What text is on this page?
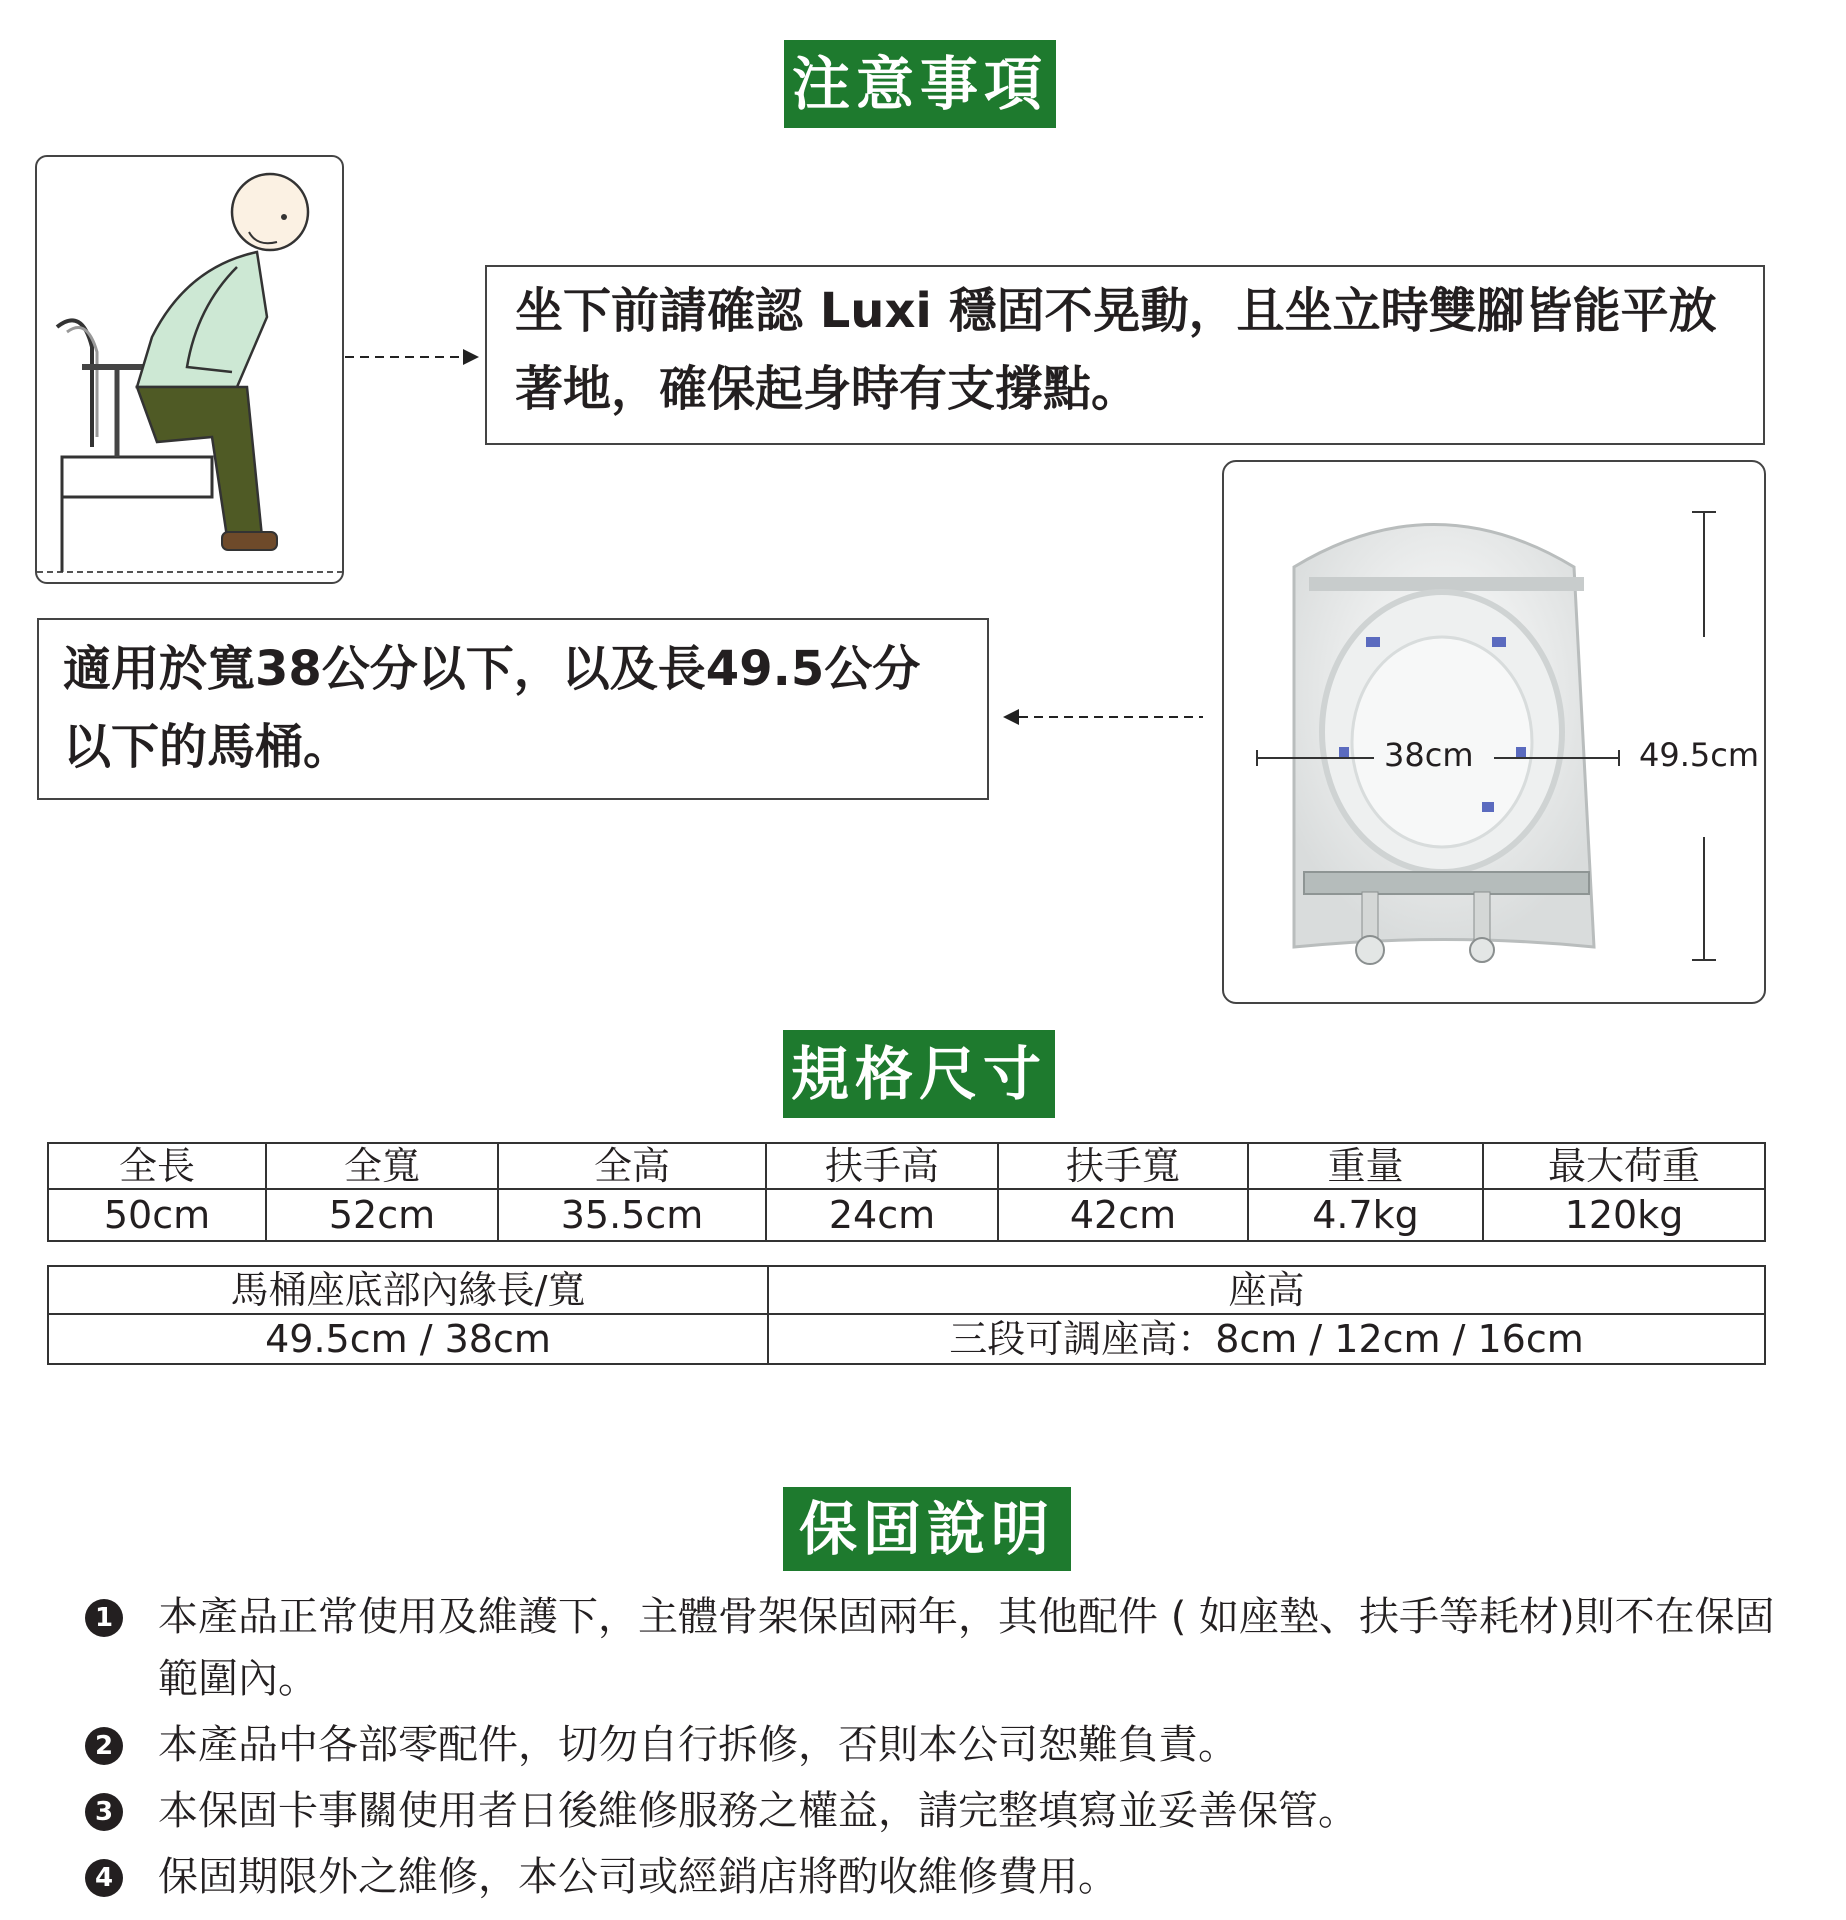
注意事項
坐下前請確認 Luxi 穩固不晃動，且坐立時雙腳皆能平放著地，確保起身時有支撐點。
適用於寬38公分以下，以及長49.5公分以下的馬桶。	38cm	49.5cm
規格尺寸
全長	全寬	全高	扶手高	扶手寬	重量	最大荷重
50cm	52cm	35.5cm	24cm	42cm	4.7kg	120kg
馬桶座底部內緣長/寬	座高
49.5cm / 38cm	三段可調座高：8cm / 12cm / 16cm
保固說明
1 本產品正常使用及維護下，主體骨架保固兩年，其他配件 ( 如座墊、扶手等耗材)則不在保固範圍內。
2 本產品中各部零配件，切勿自行拆修，否則本公司恕難負責。
3 本保固卡事關使用者日後維修服務之權益，請完整填寫並妥善保管。
4 保固期限外之維修，本公司或經銷店將酌收維修費用。
